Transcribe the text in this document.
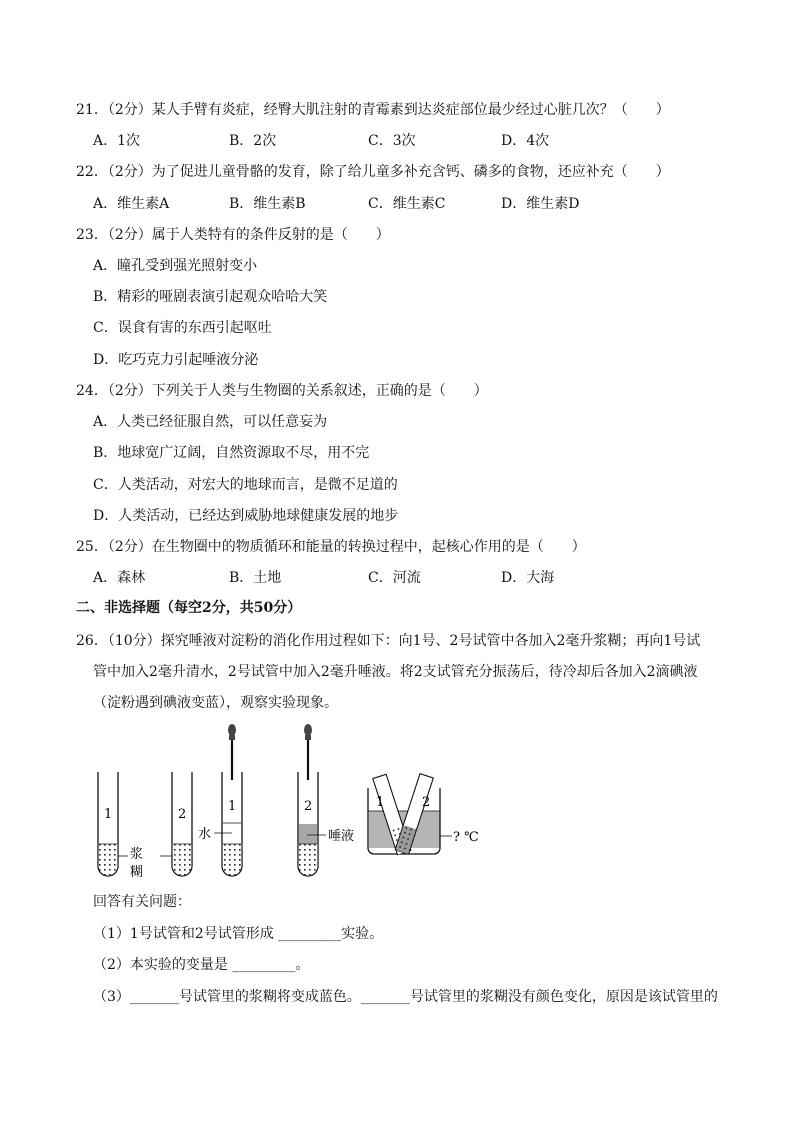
21．（2分）某人手臂有炎症，经臀大肌注射的青霉素到达炎症部位最少经过心脏几次？（　　）
A．1次	B．2次	C．3次	D．4次
22．（2分）为了促进儿童骨骼的发育，除了给儿童多补充含钙、磷多的食物，还应补充（　　）
A．维生素A	B．维生素B	C．维生素C	D．维生素D
23．（2分）属于人类特有的条件反射的是（　　）
A．瞳孔受到强光照射变小
B．精彩的哑剧表演引起观众哈哈大笑
C．误食有害的东西引起呕吐
D．吃巧克力引起唾液分泌
24．（2分）下列关于人类与生物圈的关系叙述，正确的是（　　）
A．人类已经征服自然，可以任意妄为
B．地球宽广辽阔，自然资源取不尽，用不完
C．人类活动，对宏大的地球而言，是微不足道的
D．人类活动，已经达到威胁地球健康发展的地步
25．（2分）在生物圈中的物质循环和能量的转换过程中，起核心作用的是（　　）
A．森林	B．土地	C．河流	D．大海
二、非选择题（每空2分，共50分）
26．（10分）探究唾液对淀粉的消化作用过程如下：向1号、2号试管中各加入2毫升浆糊；再向1号试
管中加入2毫升清水，2号试管中加入2毫升唾液。将2支试管充分振荡后，待冷却后各加入2滴碘液
（淀粉遇到碘液变蓝），观察实验现象。
1
浆
糊
2
1
水
2
唾液
1	2
? ℃
回答有关问题：
（1）1号试管和2号试管形成 _________实验。
（2）本实验的变量是 _________。
（3）_______号试管里的浆糊将变成蓝色。_______号试管里的浆糊没有颜色变化，原因是该试管里的
